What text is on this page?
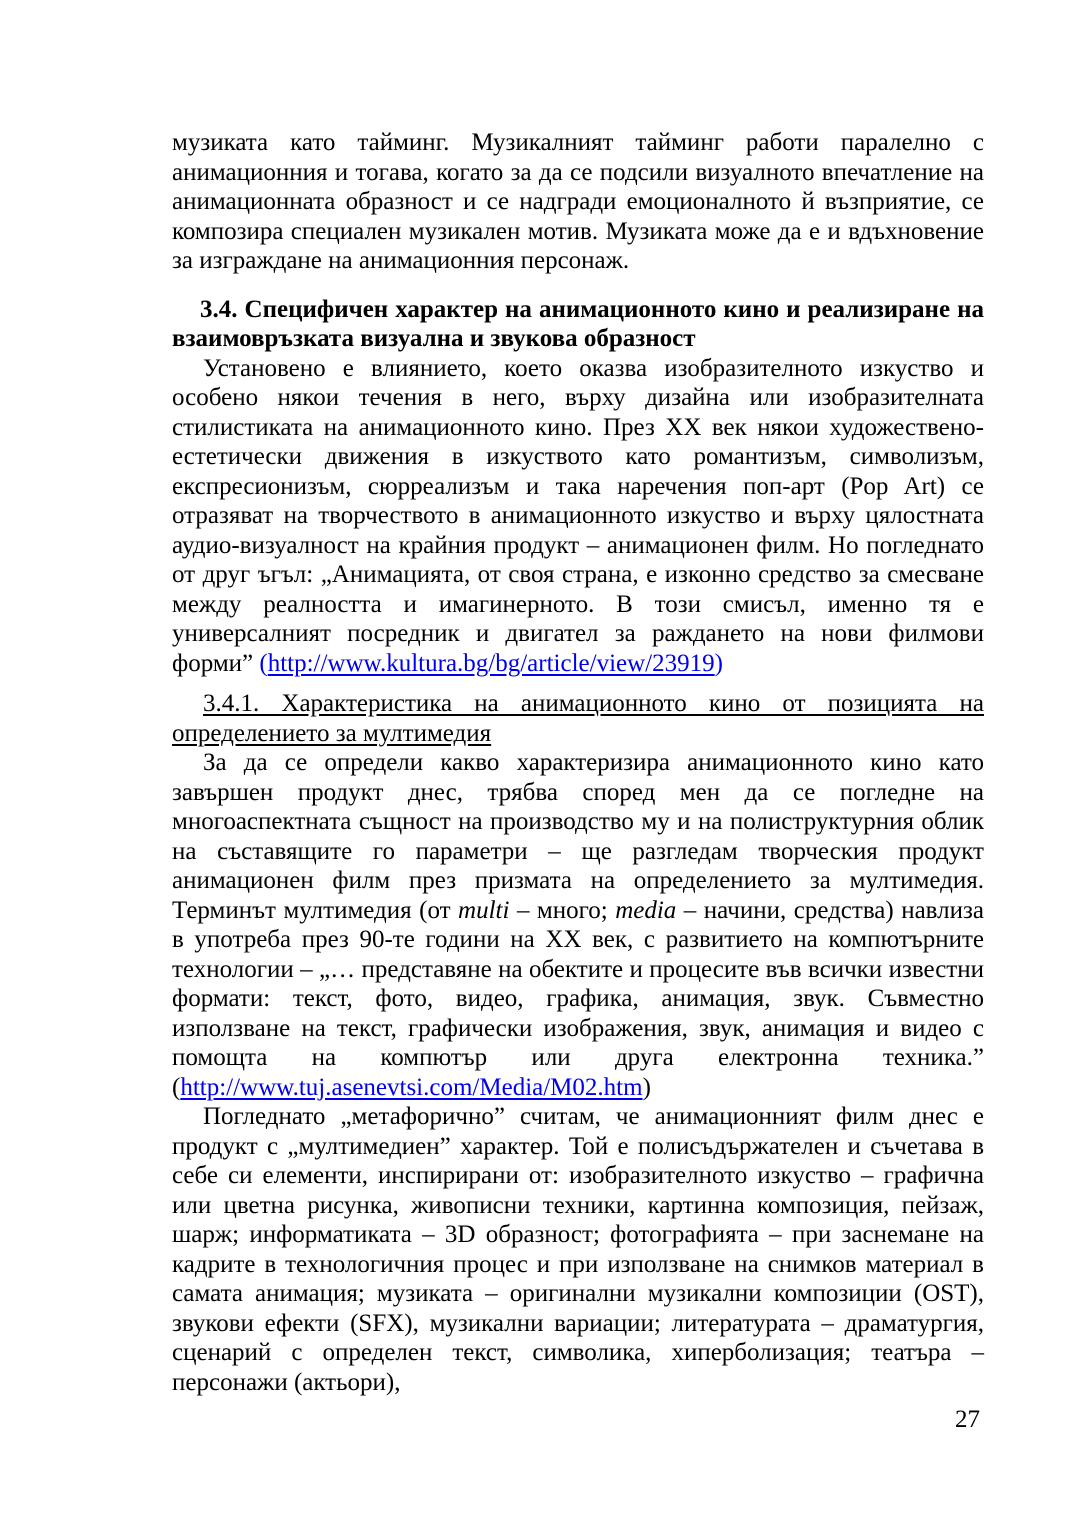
музиката като тайминг. Музикалният тайминг работи паралелно с анимационния и тогава, когато за да се подсили визуалното впечатление на анимационната образност и се надгради емоционалното й възприятие, се композира специален музикален мотив. Музиката може да е и вдъхновение за изграждане на анимационния персонаж.

3.4. Специфичен характер на анимационното кино и реализиране на взаимовръзката визуална и звукова образност

Установено е влиянието, което оказва изобразителното изкуство и особено някои течения в него, върху дизайна или изобразителната стилистиката на анимационното кино. През XX век някои художествено-естетически движения в изкуството като романтизъм, символизъм, експресионизъм, сюрреализъм и така наречения поп-арт (Pop Art) се отразяват на творчеството в анимационното изкуство и върху цялостната аудио-визуалност на крайния продукт – анимационен филм. Но погледнато от друг ъгъл: „Анимацията, от своя страна, е изконно средство за смесване между реалността и имагинерното. В този смисъл, именно тя е универсалният посредник и двигател за раждането на нови филмови форми” (http://www.kultura.bg/bg/article/view/23919)

3.4.1. Характеристика на анимационното кино от позицията на определението за мултимедия

За да се определи какво характеризира анимационното кино като завършен продукт днес, трябва според мен да се погледне на многоаспектната същност на производство му и на полиструктурния облик на съставящите го параметри – ще разгледам творческия продукт анимационен филм през призмата на определението за мултимедия. Терминът мултимедия (от multi – много; media – начини, средства) навлиза в употреба през 90-те години на XX век, с развитието на компютърните технологии – „… представяне на обектите и процесите във всички известни формати: текст, фото, видео, графика, анимация, звук. Съвместно използване на текст, графически изображения, звук, анимация и видео с помощта на компютър или друга електронна техника.” (http://www.tuj.asenevtsi.com/Media/M02.htm)

Погледнато „метафорично” считам, че анимационният филм днес е продукт с „мултимедиен” характер. Той е полисъдържателен и съчетава в себе си елементи, инспирирани от: изобразителното изкуство – графична или цветна рисунка, живописни техники, картинна композиция, пейзаж, шарж; информатиката – 3D образност; фотографията – при заснемане на кадрите в технологичния процес и при използване на снимков материал в самата анимация; музиката – оригинални музикални композиции (OST), звукови ефекти (SFX), музикални вариации; литературата – драматургия, сценарий с определен текст, символика, хиперболизация; театъра – персонажи (актьори),

27
